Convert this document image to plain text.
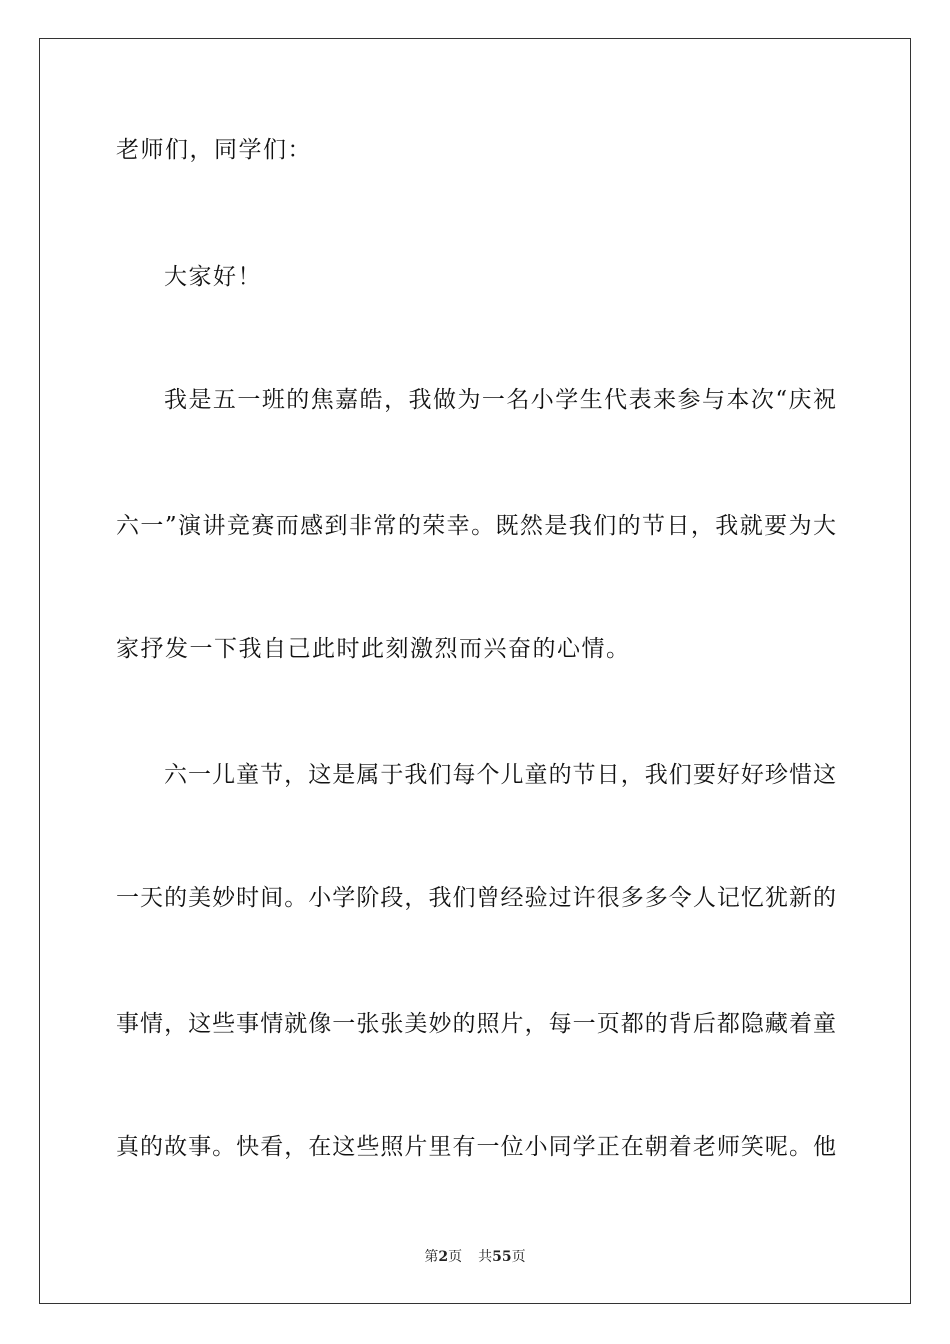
老师们，同学们：
大家好！
我是五一班的焦嘉皓，我做为一名小学生代表来参与本次“庆祝
六一”演讲竞赛而感到非常的荣幸。既然是我们的节日，我就要为大
家抒发一下我自己此时此刻激烈而兴奋的心情。
六一儿童节，这是属于我们每个儿童的节日，我们要好好珍惜这
一天的美妙时间。小学阶段，我们曾经验过许很多多令人记忆犹新的
事情，这些事情就像一张张美妙的照片，每一页都的背后都隐藏着童
真的故事。快看，在这些照片里有一位小同学正在朝着老师笑呢。他
第2页 共55页
